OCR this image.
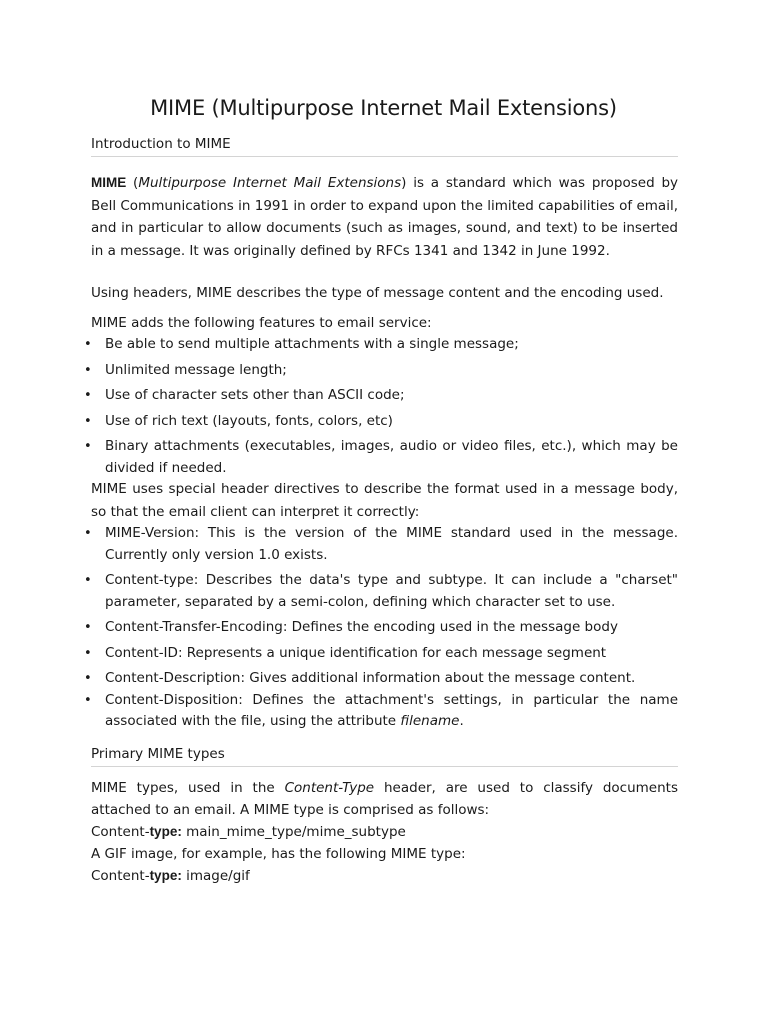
MIME (Multipurpose Internet Mail Extensions)
Introduction to MIME

MIME (Multipurpose Internet Mail Extensions) is a standard which was proposed by Bell Communications in 1991 in order to expand upon the limited capabilities of email, and in particular to allow documents (such as images, sound, and text) to be inserted in a message. It was originally defined by RFCs 1341 and 1342 in June 1992.

Using headers, MIME describes the type of message content and the encoding used.

MIME adds the following features to email service:

• Be able to send multiple attachments with a single message;
• Unlimited message length;
• Use of character sets other than ASCII code;
• Use of rich text (layouts, fonts, colors, etc)
• Binary attachments (executables, images, audio or video files, etc.), which may be divided if needed.

MIME uses special header directives to describe the format used in a message body, so that the email client can interpret it correctly:

• MIME-Version: This is the version of the MIME standard used in the message. Currently only version 1.0 exists.
• Content-type: Describes the data's type and subtype. It can include a "charset" parameter, separated by a semi-colon, defining which character set to use.
• Content-Transfer-Encoding: Defines the encoding used in the message body
• Content-ID: Represents a unique identification for each message segment
• Content-Description: Gives additional information about the message content.
• Content-Disposition: Defines the attachment's settings, in particular the name associated with the file, using the attribute filename.
Primary MIME types

MIME types, used in the Content-Type header, are used to classify documents attached to an email. A MIME type is comprised as follows:

Content-type: main_mime_type/mime_subtype

A GIF image, for example, has the following MIME type:

Content-type: image/gif
